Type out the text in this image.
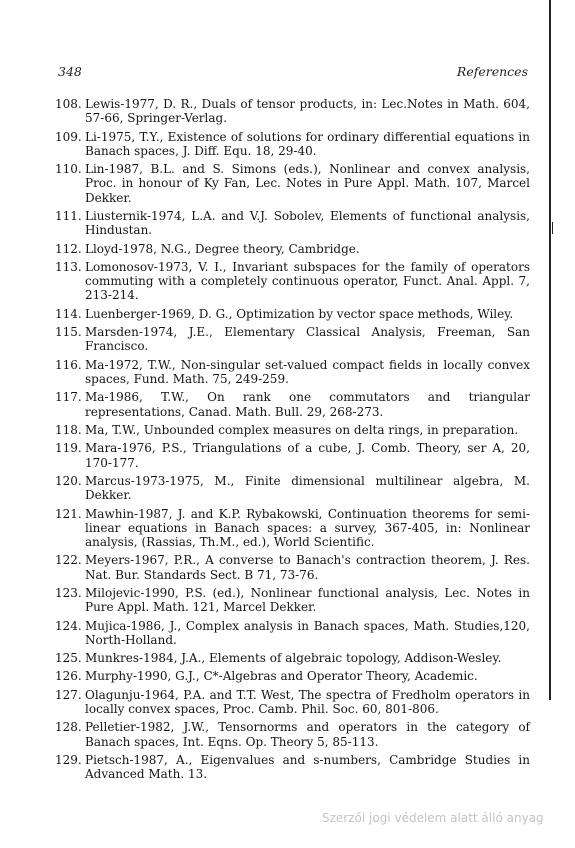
348	References
108. Lewis-1977, D. R., Duals of tensor products, in: Lec.Notes in Math. 604, 57-66, Springer-Verlag.
109. Li-1975, T.Y., Existence of solutions for ordinary differential equations in Banach spaces, J. Diff. Equ. 18, 29-40.
110. Lin-1987, B.L. and S. Simons (eds.), Nonlinear and convex analysis, Proc. in honour of Ky Fan, Lec. Notes in Pure Appl. Math. 107, Marcel Dekker.
111. Liusternik-1974, L.A. and V.J. Sobolev, Elements of functional analysis, Hindustan.
112. Lloyd-1978, N.G., Degree theory, Cambridge.
113. Lomonosov-1973, V. I., Invariant subspaces for the family of operators commuting with a completely continuous operator, Funct. Anal. Appl. 7, 213-214.
114. Luenberger-1969, D. G., Optimization by vector space methods, Wiley.
115. Marsden-1974, J.E., Elementary Classical Analysis, Freeman, San Francisco.
116. Ma-1972, T.W., Non-singular set-valued compact fields in locally convex spaces, Fund. Math. 75, 249-259.
117. Ma-1986, T.W., On rank one commutators and triangular representations, Canad. Math. Bull. 29, 268-273.
118. Ma, T.W., Unbounded complex measures on delta rings, in preparation.
119. Mara-1976, P.S., Triangulations of a cube, J. Comb. Theory, ser A, 20, 170-177.
120. Marcus-1973-1975, M., Finite dimensional multilinear algebra, M. Dekker.
121. Mawhin-1987, J. and K.P. Rybakowski, Continuation theorems for semi-linear equations in Banach spaces: a survey, 367-405, in: Nonlinear analysis, (Rassias, Th.M., ed.), World Scientific.
122. Meyers-1967, P.R., A converse to Banach's contraction theorem, J. Res. Nat. Bur. Standards Sect. B 71, 73-76.
123. Milojevic-1990, P.S. (ed.), Nonlinear functional analysis, Lec. Notes in Pure Appl. Math. 121, Marcel Dekker.
124. Mujica-1986, J., Complex analysis in Banach spaces, Math. Studies,120, North-Holland.
125. Munkres-1984, J.A., Elements of algebraic topology, Addison-Wesley.
126. Murphy-1990, G.J., C*-Algebras and Operator Theory, Academic.
127. Olagunju-1964, P.A. and T.T. West, The spectra of Fredholm operators in locally convex spaces, Proc. Camb. Phil. Soc. 60, 801-806.
128. Pelletier-1982, J.W., Tensornorms and operators in the category of Banach spaces, Int. Eqns. Op. Theory 5, 85-113.
129. Pietsch-1987, A., Eigenvalues and s-numbers, Cambridge Studies in Advanced Math. 13.
Szerzői jogi védelem alatt álló anyag
